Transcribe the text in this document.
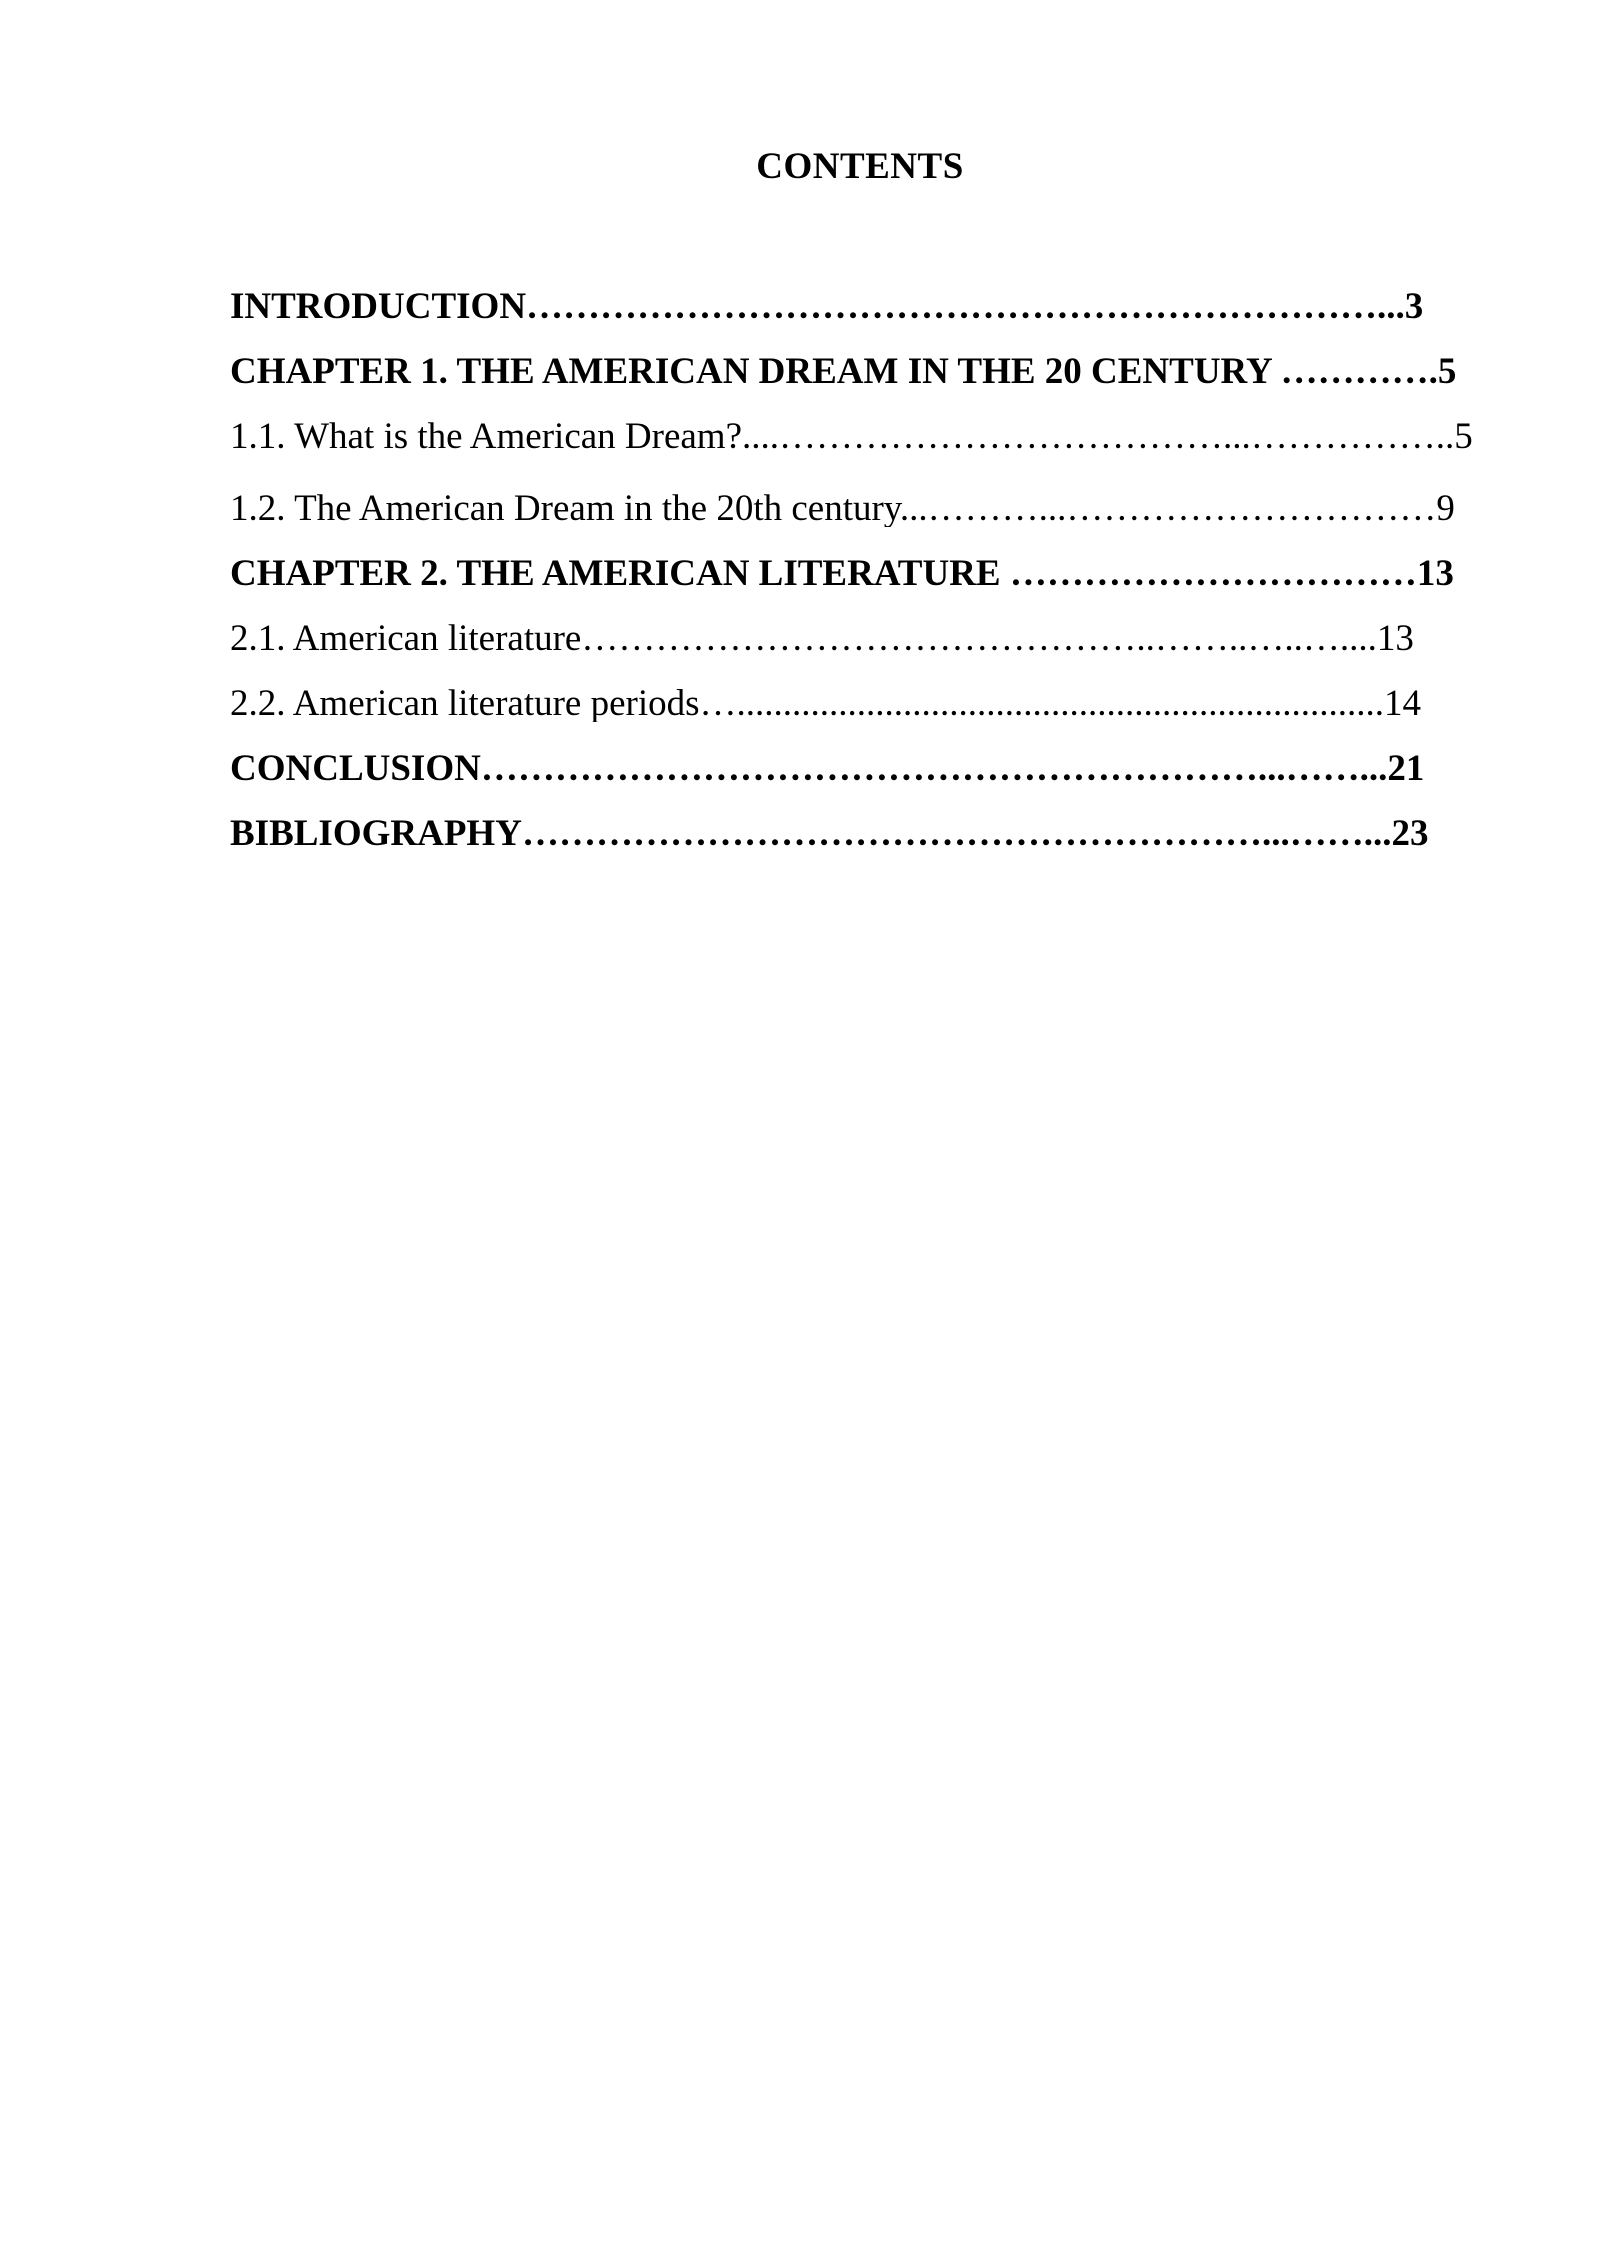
CONTENTS
INTRODUCTION……………………………………………………………...3
CHAPTER 1. THE AMERICAN DREAM IN THE 20 CENTURY ………….5
1.1. What is the American Dream?....………………………………...……………..5
1.2. The American Dream in the 20th century...………...…………………………9
CHAPTER 2. THE AMERICAN LITERATURE ……………………………13
2.1. American literature………………………………………..……..…..…....13
2.2. American literature periods…......................................................................14
CONCLUSION………………………………………………………...……...21
BIBLIOGRAPHY……………………………………………………...……...23
